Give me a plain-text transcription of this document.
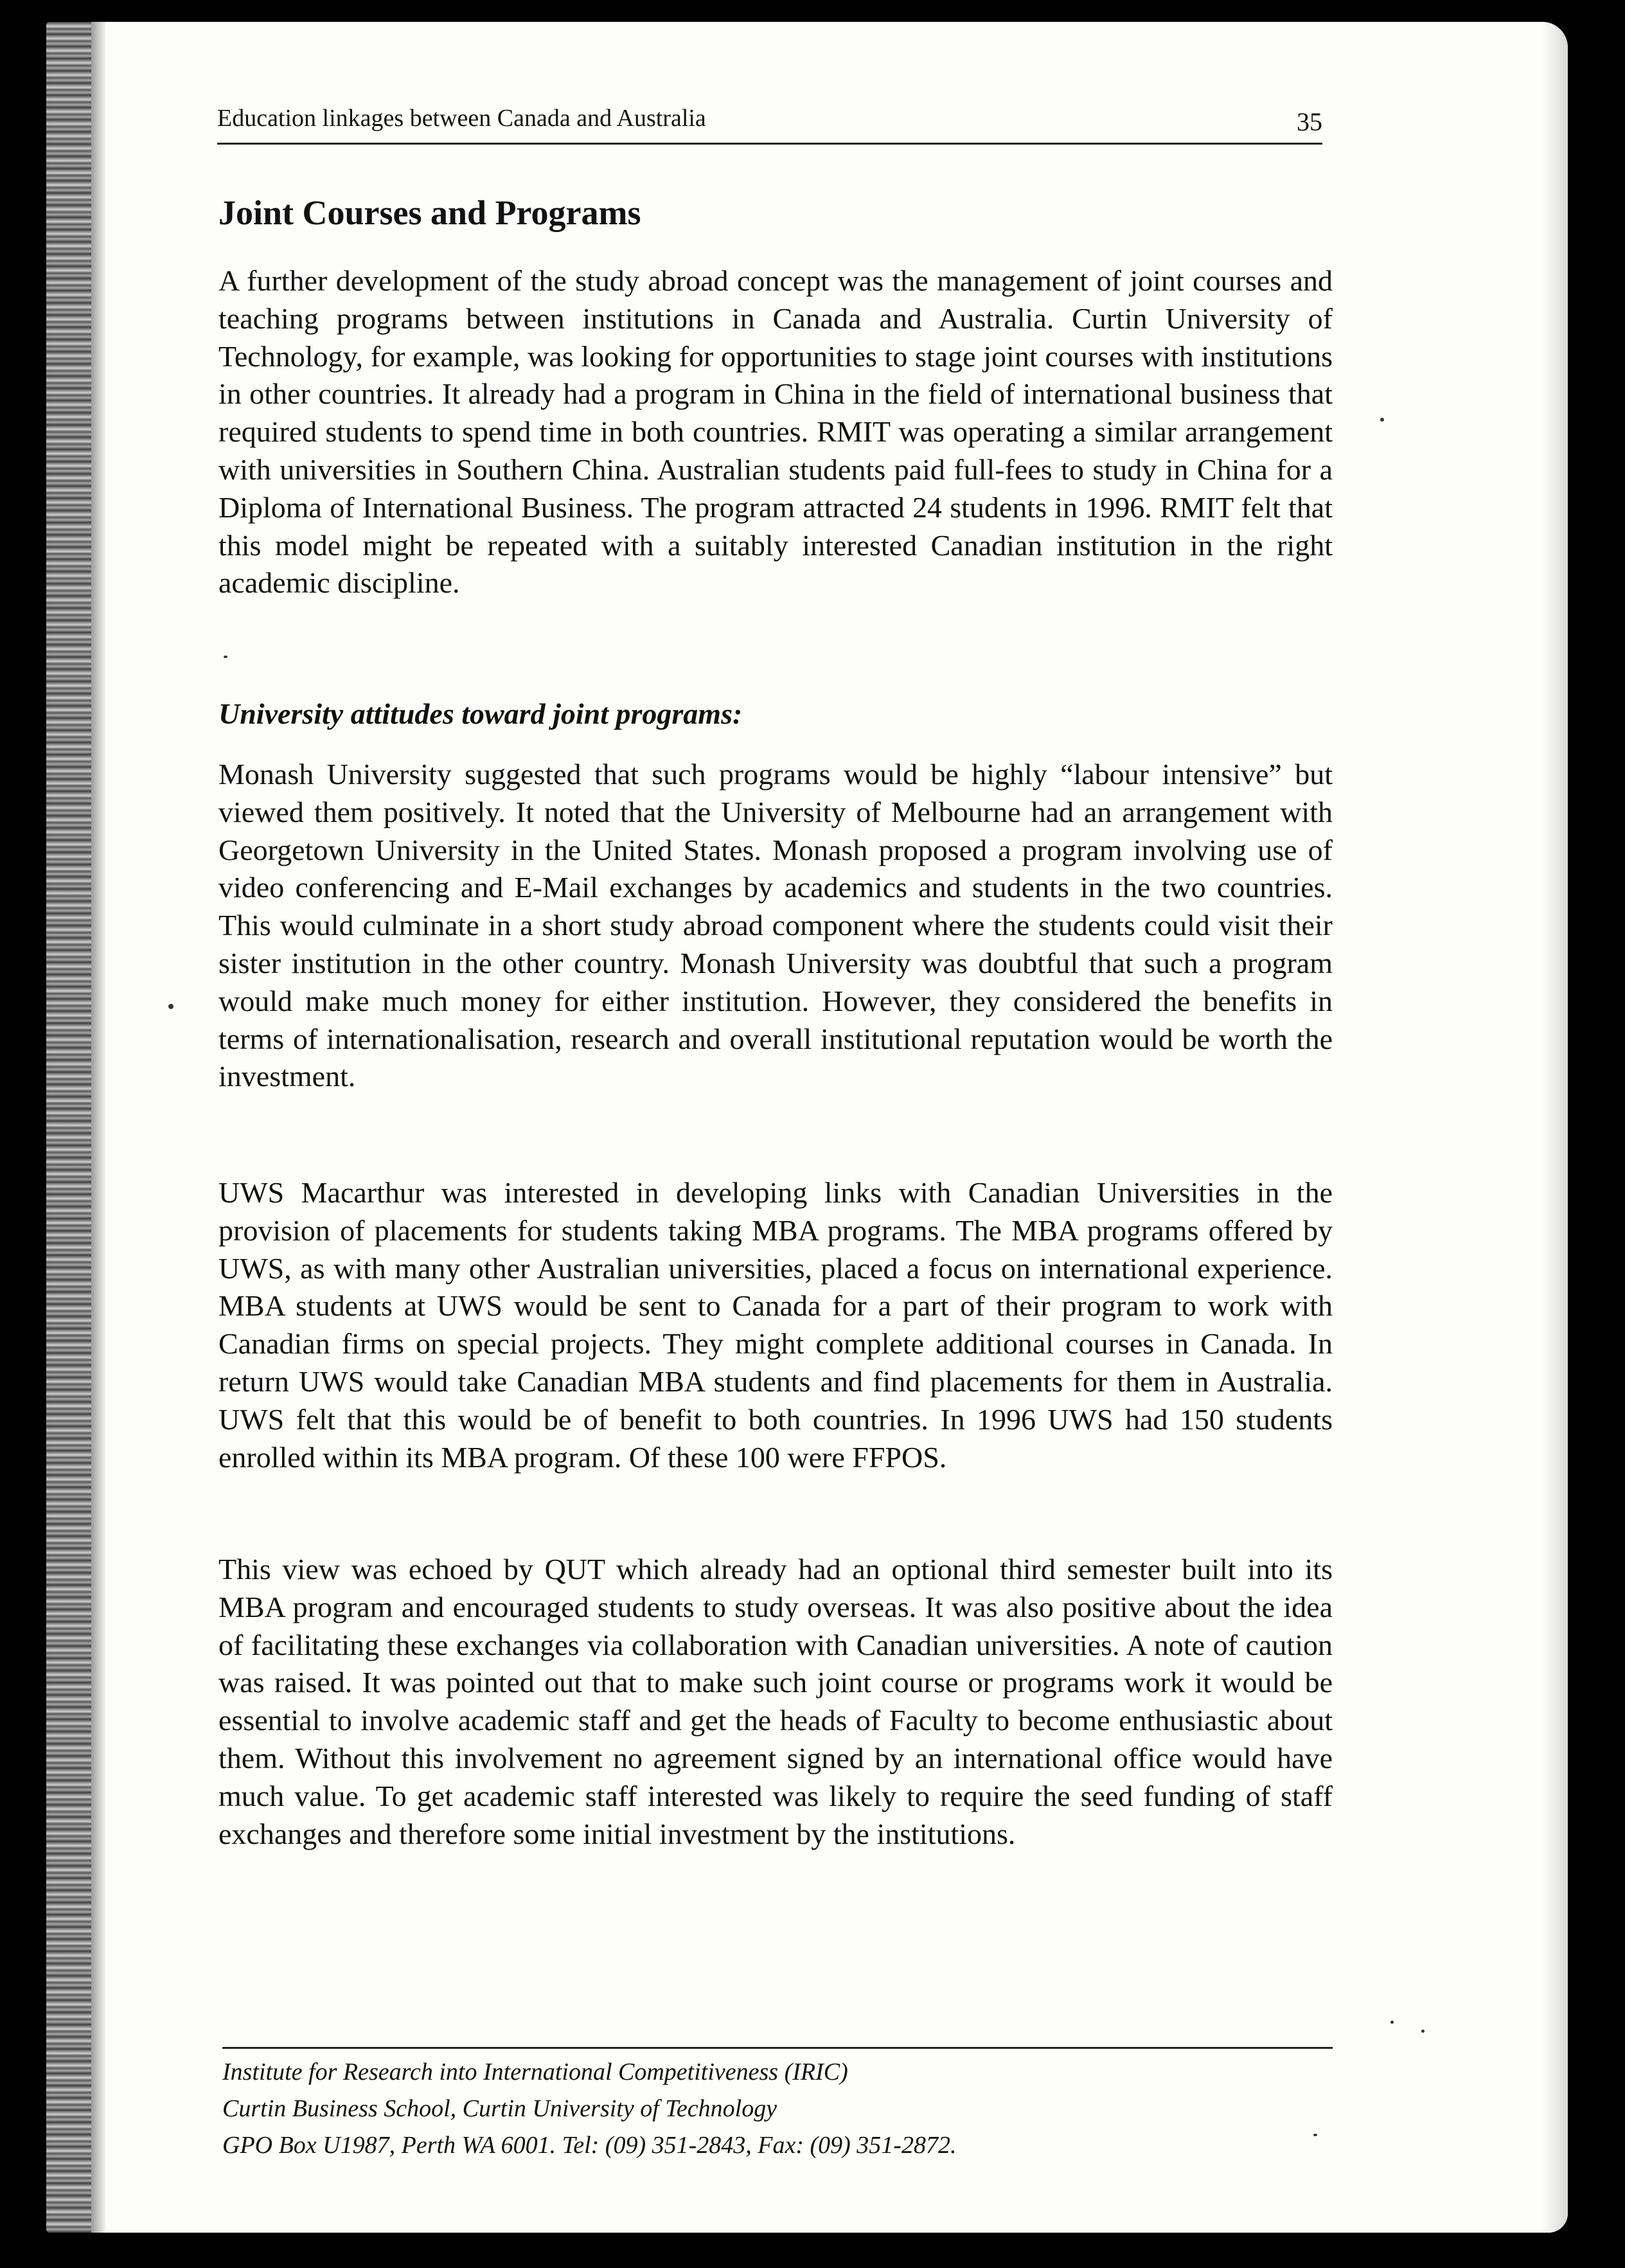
Education linkages between Canada and Australia	35
Joint Courses and Programs

A further development of the study abroad concept was the management of joint courses and teaching programs between institutions in Canada and Australia. Curtin University of Technology, for example, was looking for opportunities to stage joint courses with institutions in other countries. It already had a program in China in the field of international business that required students to spend time in both countries. RMIT was operating a similar arrangement with universities in Southern China. Australian students paid full-fees to study in China for a Diploma of International Business. The program attracted 24 students in 1996. RMIT felt that this model might be repeated with a suitably interested Canadian institution in the right academic discipline.

University attitudes toward joint programs:

Monash University suggested that such programs would be highly “labour intensive” but viewed them positively. It noted that the University of Melbourne had an arrangement with Georgetown University in the United States. Monash proposed a program involving use of video conferencing and E-Mail exchanges by academics and students in the two countries. This would culminate in a short study abroad component where the students could visit their sister institution in the other country. Monash University was doubtful that such a program would make much money for either institution. However, they considered the benefits in terms of internationalisation, research and overall institutional reputation would be worth the investment.

UWS Macarthur was interested in developing links with Canadian Universities in the provision of placements for students taking MBA programs. The MBA programs offered by UWS, as with many other Australian universities, placed a focus on international experience. MBA students at UWS would be sent to Canada for a part of their program to work with Canadian firms on special projects. They might complete additional courses in Canada. In return UWS would take Canadian MBA students and find placements for them in Australia. UWS felt that this would be of benefit to both countries. In 1996 UWS had 150 students enrolled within its MBA program. Of these 100 were FFPOS.

This view was echoed by QUT which already had an optional third semester built into its MBA program and encouraged students to study overseas. It was also positive about the idea of facilitating these exchanges via collaboration with Canadian universities. A note of caution was raised. It was pointed out that to make such joint course or programs work it would be essential to involve academic staff and get the heads of Faculty to become enthusiastic about them. Without this involvement no agreement signed by an international office would have much value. To get academic staff interested was likely to require the seed funding of staff exchanges and therefore some initial investment by the institutions.

Institute for Research into International Competitiveness (IRIC)
Curtin Business School, Curtin University of Technology
GPO Box U1987, Perth WA 6001. Tel: (09) 351-2843, Fax: (09) 351-2872.
